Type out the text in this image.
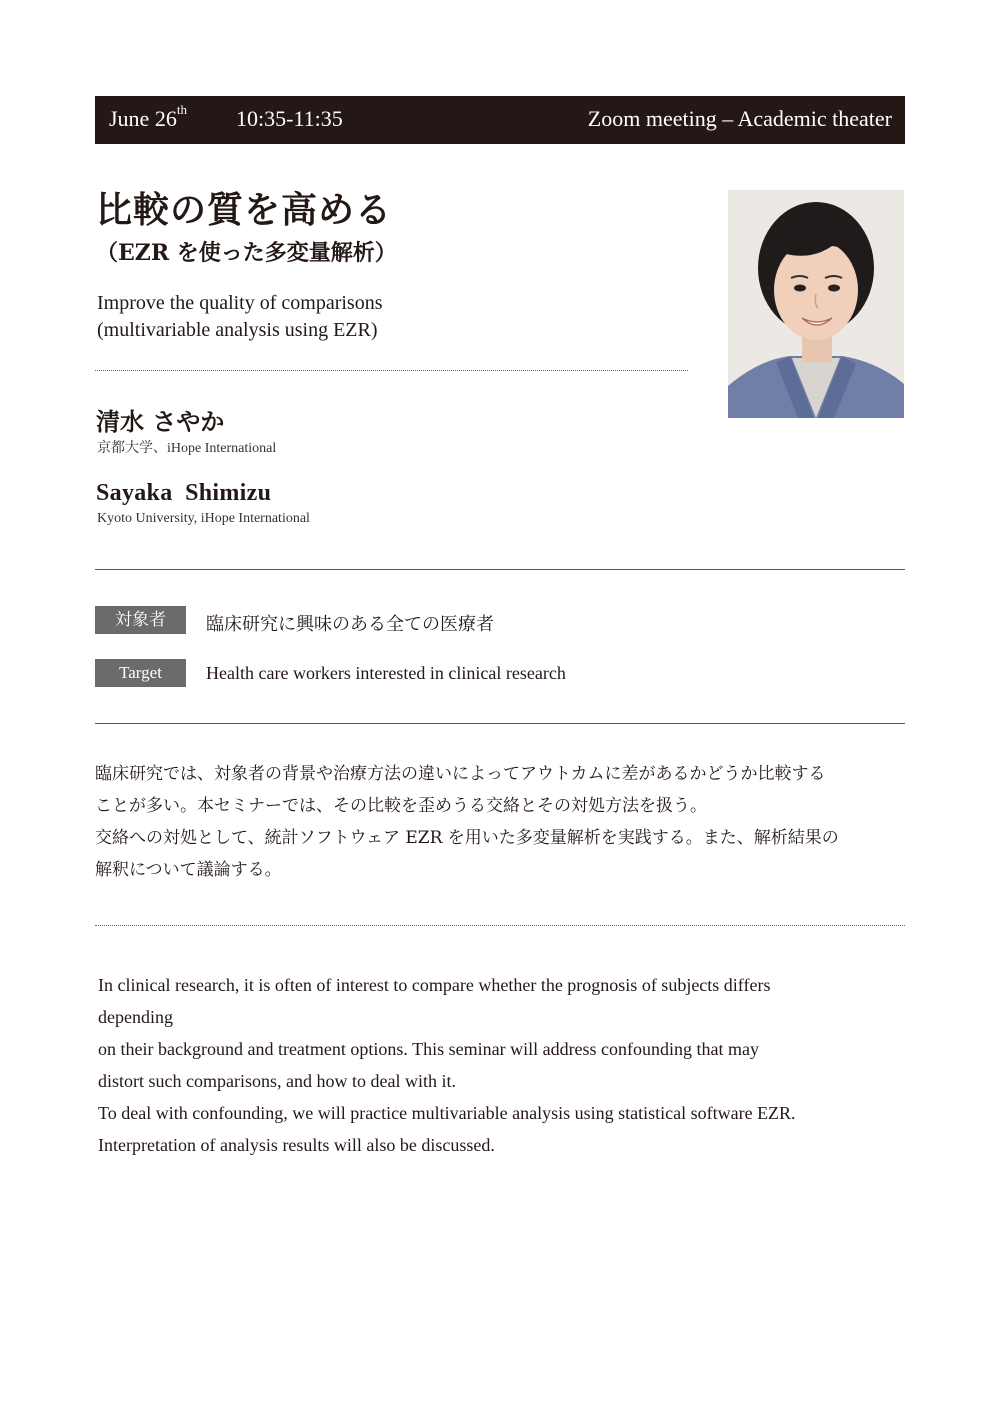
June 26th 10:35-11:35	Zoom meeting – Academic theater
比較の質を高める
（EZR を使った多変量解析）
Improve the quality of comparisons
(multivariable analysis using EZR)
清水 さやか
京都大学、iHope International
Sayaka  Shimizu
Kyoto University, iHope International
対象者	臨床研究に興味のある全ての医療者
Target	Health care workers interested in clinical research
臨床研究では、対象者の背景や治療方法の違いによってアウトカムに差があるかどうか比較する
ことが多い。本セミナーでは、その比較を歪めうる交絡とその対処方法を扱う。
交絡への対処として、統計ソフトウェア EZR を用いた多変量解析を実践する。また、解析結果の
解釈について議論する。
In clinical research, it is often of interest to compare whether the prognosis of subjects differs
depending
on their background and treatment options. This seminar will address confounding that may
distort such comparisons, and how to deal with it.
To deal with confounding, we will practice multivariable analysis using statistical software EZR.
Interpretation of analysis results will also be discussed.
